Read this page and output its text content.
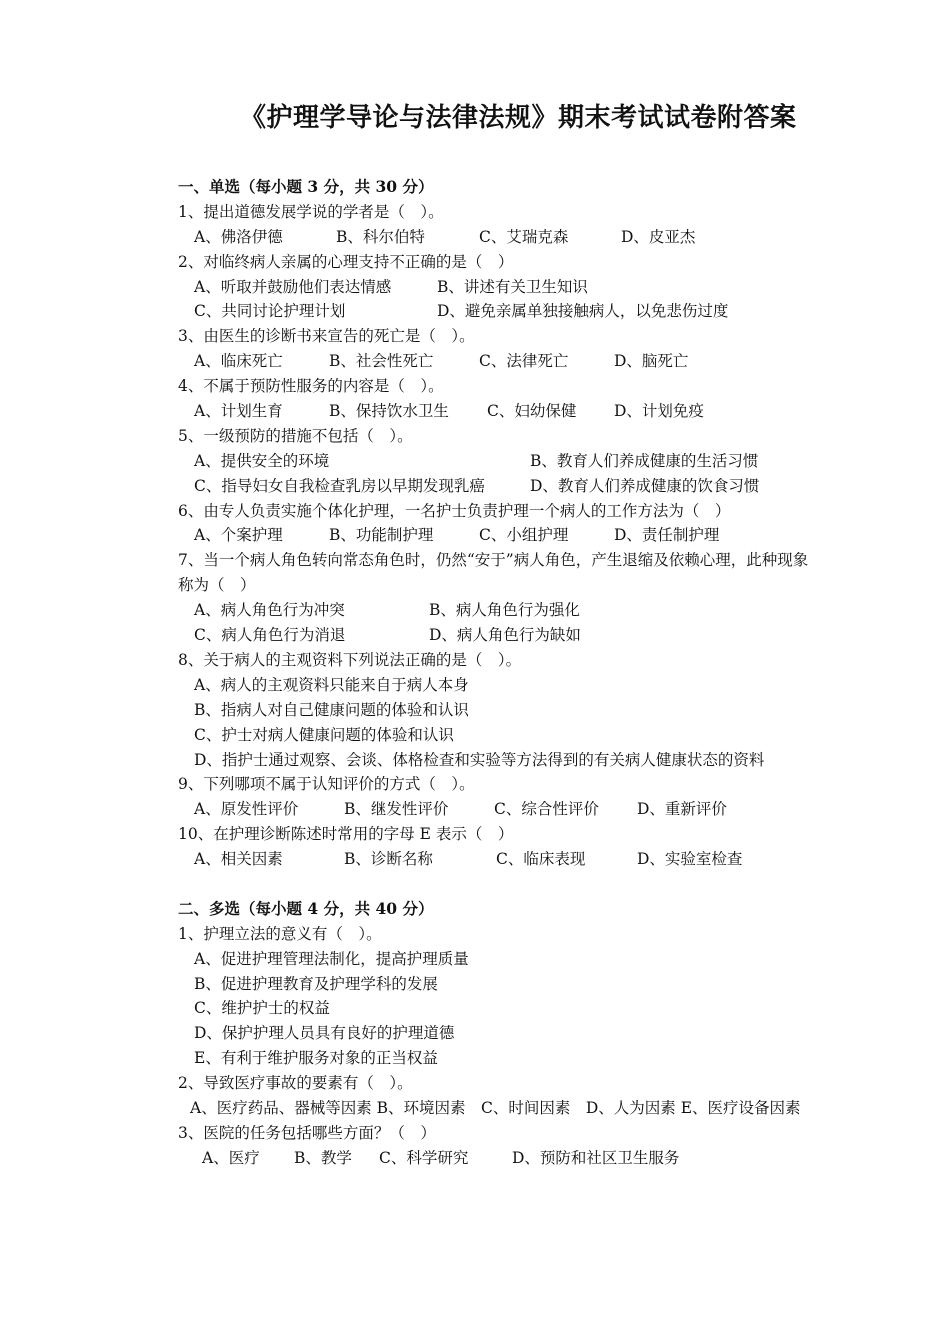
《护理学导论与法律法规》期末考试试卷附答案
一、单选（每小题 3 分，共 30 分）
1、提出道德发展学说的学者是（　）。
A、佛洛伊德	B、科尔伯特	C、艾瑞克森	D、皮亚杰
2、对临终病人亲属的心理支持不正确的是（　）
A、听取并鼓励他们表达情感	B、讲述有关卫生知识
C、共同讨论护理计划	D、避免亲属单独接触病人，以免悲伤过度
3、由医生的诊断书来宣告的死亡是（　）。
A、临床死亡	B、社会性死亡	C、法律死亡	D、脑死亡
4、不属于预防性服务的内容是（　）。
A、计划生育	B、保持饮水卫生 C、妇幼保健 D、计划免疫
5、一级预防的措施不包括（　）。
A、提供安全的环境	B、教育人们养成健康的生活习惯
C、指导妇女自我检查乳房以早期发现乳癌	D、教育人们养成健康的饮食习惯
6、由专人负责实施个体化护理，一名护士负责护理一个病人的工作方法为（　）
A、个案护理	B、功能制护理	C、小组护理	D、责任制护理
7、当一个病人角色转向常态角色时，仍然“安于”病人角色，产生退缩及依赖心理，此种现象称为（　）
A、病人角色行为冲突	B、病人角色行为强化
C、病人角色行为消退	D、病人角色行为缺如
8、关于病人的主观资料下列说法正确的是（　）。
A、病人的主观资料只能来自于病人本身
B、指病人对自己健康问题的体验和认识
C、护士对病人健康问题的体验和认识
D、指护士通过观察、会谈、体格检查和实验等方法得到的有关病人健康状态的资料
9、下列哪项不属于认知评价的方式（　）。
A、原发性评价	B、继发性评价	C、综合性评价 D、重新评价
10、在护理诊断陈述时常用的字母 E 表示（　）
A、相关因素	B、诊断名称	C、临床表现	D、实验室检查
二、多选（每小题 4 分，共 40 分）
1、护理立法的意义有（　）。
A、促进护理管理法制化，提高护理质量
B、促进护理教育及护理学科的发展
C、维护护士的权益
D、保护护理人员具有良好的护理道德
E、有利于维护服务对象的正当权益
2、导致医疗事故的要素有（　）。
A、医疗药品、器械等因素 B、环境因素　C、时间因素　D、人为因素 E、医疗设备因素
3、医院的任务包括哪些方面？（　）
A、医疗 B、教学 C、科学研究	D、预防和社区卫生服务
